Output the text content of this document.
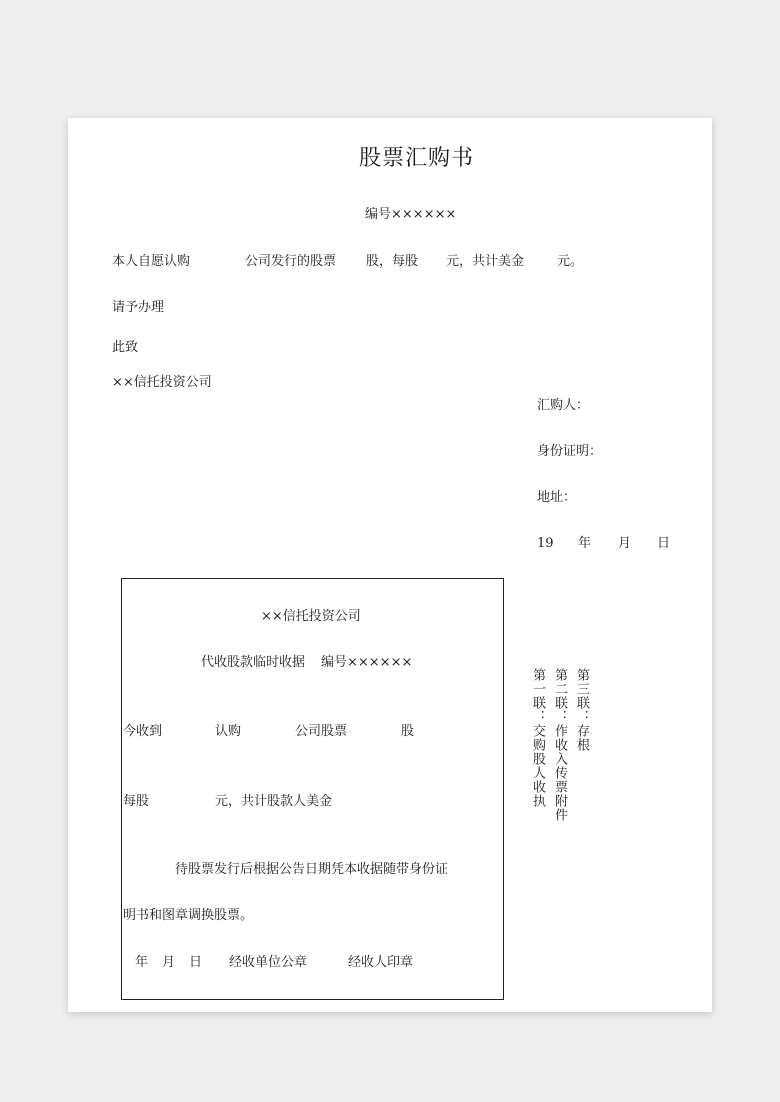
股票汇购书
编号××××××
本人自愿认购	公司发行的股票 股，每股 元，共计美金	元。
请予办理
此致
××信托投资公司
汇购人：
身份证明：
地址：
19 年 月 日
××信托投资公司
代收股款临时收据 编号××××××
今收到	认购	公司股票	股
每股	元，共计股款人美金
待股票发行后根据公告日期凭本收据随带身份证
明书和图章调换股票。
年 月 日 经收单位公章	经收人印章
第三联：存根
第二联：作收入传票附件
第一联：交购股人收执
